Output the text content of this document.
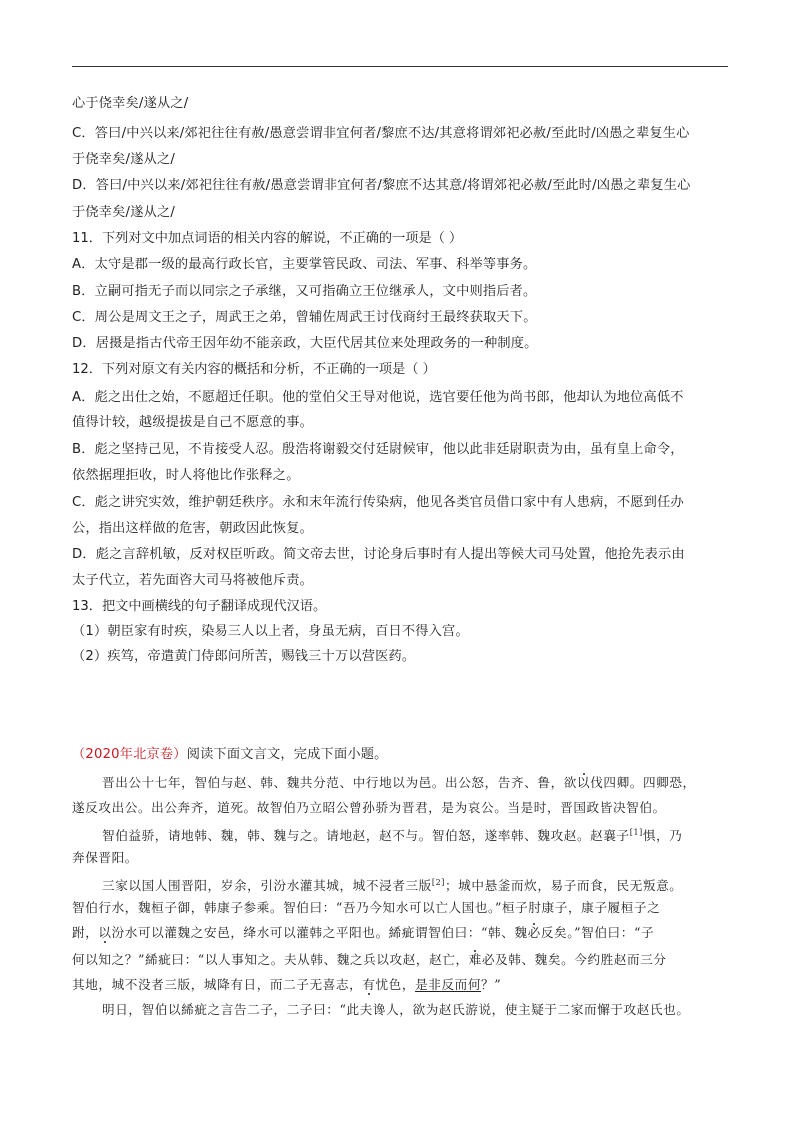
心于侥幸矣/遂从之/
C．答曰/中兴以来/郊祀往往有赦/愚意尝谓非宜何者/黎庶不达/其意将谓郊祀必赦/至此时/凶愚之辈复生心
于侥幸矣/遂从之/
D．答曰/中兴以来/郊祀往往有赦/愚意尝谓非宜何者/黎庶不达其意/将谓郊祀必赦/至此时/凶愚之辈复生心
于侥幸矣/遂从之/
11．下列对文中加点词语的相关内容的解说，不正确的一项是（ ）
A．太守是郡一级的最高行政长官，主要掌管民政、司法、军事、科举等事务。
B．立嗣可指无子而以同宗之子承继，又可指确立王位继承人，文中则指后者。
C．周公是周文王之子，周武王之弟，曾辅佐周武王讨伐商纣王最终获取天下。
D．居摄是指古代帝王因年幼不能亲政，大臣代居其位来处理政务的一种制度。
12．下列对原文有关内容的概括和分析，不正确的一项是（ ）
A．彪之出仕之始，不愿超迁任职。他的堂伯父王导对他说，选官要任他为尚书郎，他却认为地位高低不
值得计较，越级提拔是自己不愿意的事。
B．彪之坚持己见，不肯接受人忍。殷浩将谢毅交付廷尉候审，他以此非廷尉职责为由，虽有皇上命令，
依然据理拒收，时人将他比作张释之。
C．彪之讲究实效，维护朝廷秩序。永和末年流行传染病，他见各类官员借口家中有人患病，不愿到任办
公，指出这样做的危害，朝政因此恢复。
D．彪之言辞机敏，反对权臣听政。简文帝去世，讨论身后事时有人提出等候大司马处置，他抢先表示由
太子代立，若先面咨大司马将被他斥责。
13．把文中画横线的句子翻译成现代汉语。
（1）朝臣家有时疾，染易三人以上者，身虽无病，百日不得入宫。
（2）疾笃，帝遣黄门侍郎问所苦，赐钱三十万以营医药。
（2020年北京卷）阅读下面文言文，完成下面小题。
晋出公十七年，智伯与赵、韩、魏共分范、中行地以为邑。出公怒，告齐、鲁，欲以伐四卿。四卿恐，
遂反攻出公。出公奔齐，道死。故智伯乃立昭公曾孙骄为晋君，是为哀公。当是时，晋国政皆决智伯。
智伯益骄，请地韩、魏，韩、魏与之。请地赵，赵不与。智伯怒，遂率韩、魏攻赵。赵襄子[1]惧，乃
奔保晋阳。
三家以国人围晋阳，岁余，引汾水灌其城，城不浸者三版[2]；城中悬釜而炊，易子而食，民无叛意。
智伯行水，魏桓子御，韩康子参乘。智伯曰：“吾乃今知水可以亡人国也。”桓子肘康子，康子履桓子之
跗，以汾水可以灌魏之安邑，绛水可以灌韩之平阳也。絺疵谓智伯曰：“韩、魏必反矣。”智伯曰：“子
何以知之？”絺疵曰：“以人事知之。夫从韩、魏之兵以攻赵，赵亡，难必及韩、魏矣。今约胜赵而三分
其地，城不没者三版，城降有日，而二子无喜志，有忧色，是非反而何？”
明日，智伯以絺疵之言告二子，二子曰：“此夫谗人，欲为赵氏游说，使主疑于二家而懈于攻赵氏也。
